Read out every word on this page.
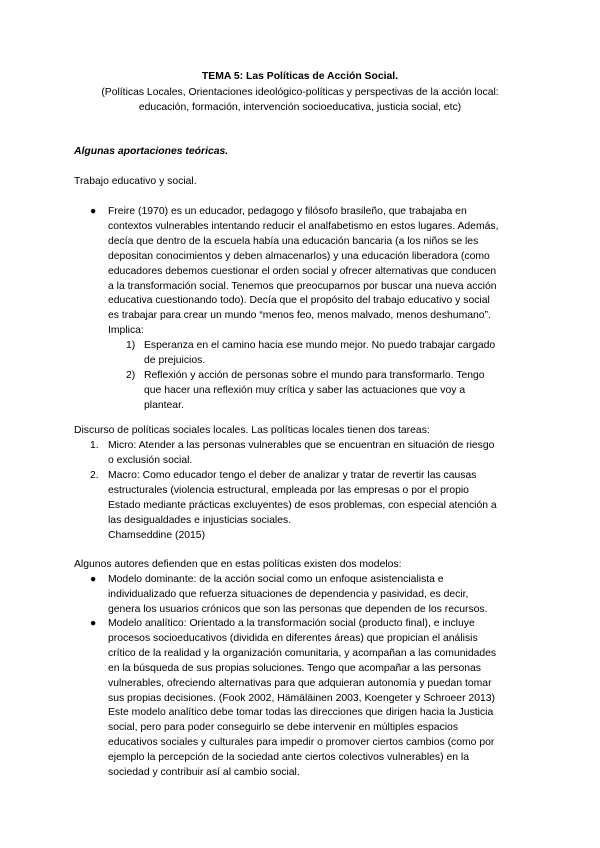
TEMA 5: Las Políticas de Acción Social.
(Políticas Locales, Orientaciones ideológico-políticas y perspectivas de la acción local:
educación, formación, intervención socioeducativa, justicia social, etc)
Algunas aportaciones teóricas.
Trabajo educativo y social.
● Freire (1970) es un educador, pedagogo y filósofo brasileño, que trabajaba en
contextos vulnerables intentando reducir el analfabetismo en estos lugares. Además,
decía que dentro de la escuela había una educación bancaria (a los niños se les
depositan conocimientos y deben almacenarlos) y una educación liberadora (como
educadores debemos cuestionar el orden social y ofrecer alternativas que conducen
a la transformación social. Tenemos que preocuparnos por buscar una nueva acción
educativa cuestionando todo). Decía que el propósito del trabajo educativo y social
es trabajar para crear un mundo “menos feo, menos malvado, menos deshumano”.
Implica:
1) Esperanza en el camino hacia ese mundo mejor. No puedo trabajar cargado
de prejuicios.
2) Reflexión y acción de personas sobre el mundo para transformarlo. Tengo
que hacer una reflexión muy crítica y saber las actuaciones que voy a
plantear.
Discurso de políticas sociales locales. Las políticas locales tienen dos tareas:
1. Micro: Atender a las personas vulnerables que se encuentran en situación de riesgo
o exclusión social.
2. Macro: Como educador tengo el deber de analizar y tratar de revertir las causas
estructurales (violencia estructural, empleada por las empresas o por el propio
Estado mediante prácticas excluyentes) de esos problemas, con especial atención a
las desigualdades e injusticias sociales.
Chamseddine (2015)
Algunos autores defienden que en estas políticas existen dos modelos:
● Modelo dominante: de la acción social como un enfoque asistencialista e
individualizado que refuerza situaciones de dependencia y pasividad, es decir,
genera los usuarios crónicos que son las personas que dependen de los recursos.
● Modelo analítico: Orientado a la transformación social (producto final), e incluye
procesos socioeducativos (dividida en diferentes áreas) que propician el análisis
crítico de la realidad y la organización comunitaria, y acompañan a las comunidades
en la búsqueda de sus propias soluciones. Tengo que acompañar a las personas
vulnerables, ofreciendo alternativas para que adquieran autonomía y puedan tomar
sus propias decisiones. (Fook 2002, Hämäläinen 2003, Koengeter y Schroeer 2013)
Este modelo analítico debe tomar todas las direcciones que dirigen hacia la Justicia
social, pero para poder conseguirlo se debe intervenir en múltiples espacios
educativos sociales y culturales para impedir o promover ciertos cambios (como por
ejemplo la percepción de la sociedad ante ciertos colectivos vulnerables) en la
sociedad y contribuir así al cambio social.
